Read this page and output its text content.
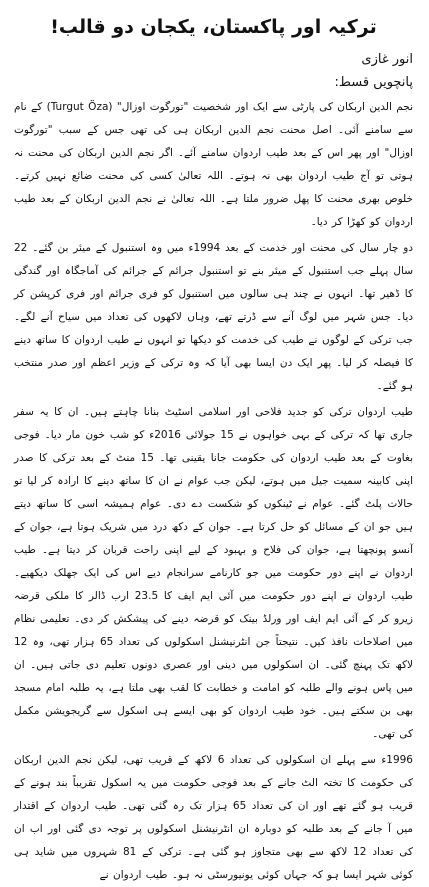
ترکیہ اور پاکستان، یکجان دو قالب!
انور غازی
پانچویں قسط:

نجم الدین اربکان کی پارٹی سے ایک اور شخصیت "تورگوت اوزال" (Turgut Öza) کے نام سے سامنے آئی۔ اصل محنت نجم الدین اربکان ہی کی تھی جس کے سبب "تورگوت اوزال" اور پھر اس کے بعد طیب اردوان سامنے آئے۔ اگر نجم الدین اربکان کی محنت نہ ہوتی تو آج طیب اردوان بھی نہ ہوتے۔ اللہ تعالیٰ کسی کی محنت ضائع نہیں کرتے۔ خلوص بھری محنت کا پھل ضرور ملتا ہے۔ اللہ تعالیٰ نے نجم الدین اربکان کے بعد طیب اردوان کو کھڑا کر دیا۔

دو چار سال کی محنت اور خدمت کے بعد 1994ء میں وہ استنبول کے میئر بن گئے۔ 22 سال پہلے جب استنبول کے میئر بنے تو استنبول جرائم کے جرائم کی آماجگاہ اور گندگی کا ڈھیر تھا۔ انہوں نے چند ہی سالوں میں استنبول کو فری جرائم اور فری کرپشن کر دیا۔ جس شہر میں لوگ آنے سے ڈرتے تھے، وہاں لاکھوں کی تعداد میں سیاح آنے لگے۔ جب ترکی کے لوگوں نے طیب کی خدمت کو دیکھا تو انہوں نے طیب اردوان کا ساتھ دینے کا فیصلہ کر لیا۔ پھر ایک دن ایسا بھی آیا کہ وہ ترکی کے وزیر اعظم اور صدر منتخب ہو گئے۔

طیب اردوان ترکی کو جدید فلاحی اور اسلامی اسٹیٹ بنانا چاہتے ہیں۔ ان کا یہ سفر جاری تھا کہ ترکی کے بہی خواہوں نے 15 جولائی 2016ء کو شب خون مار دیا۔ فوجی بغاوت کے بعد طیب اردوان کی حکومت جانا یقینی تھا۔ 15 منٹ کے بعد ترکی کا صدر اپنی کابینہ سمیت جیل میں ہوتے، لیکن جب عوام نے ان کا ساتھ دینے کا ارادہ کر لیا تو حالات پلٹ گئے۔ عوام نے ٹینکوں کو شکست دے دی۔ عوام ہمیشہ اسی کا ساتھ دیتے ہیں جو ان کے مسائل کو حل کرتا ہے۔ جوان کے دکھ درد میں شریک ہوتا ہے، جوان کے آنسو پونچھتا ہے، جوان کی فلاح و بہبود کے لیے اپنی راحت قربان کر دیتا ہے۔ طیب اردوان نے اپنے دور حکومت میں جو کارنامے سرانجام دیے اس کی ایک جھلک دیکھیے۔ طیب اردوان نے اپنے دور حکومت میں آئی ایم ایف کا 23.5 ارب ڈالر کا ملکی قرضہ زیرو کر کے آئی ایم ایف اور ورلڈ بینک کو قرضہ دینے کی پیشکش کر دی۔ تعلیمی نظام میں اصلاحات نافذ کیں۔ نتیجتاً جن انٹرنیشنل اسکولوں کی تعداد 65 ہزار تھی، وہ 12 لاکھ تک پہنچ گئی۔ ان اسکولوں میں دینی اور عصری دونوں تعلیم دی جاتی ہیں۔ ان میں پاس ہونے والے طلبہ کو امامت و خطابت کا لقب بھی ملتا ہے، یہ طلبہ امام مسجد بھی بن سکتے ہیں۔ خود طیب اردوان کو بھی ایسے ہی اسکول سے گریجویشن مکمل کی تھی۔

1996ء سے پہلے ان اسکولوں کی تعداد 6 لاکھ کے قریب تھی، لیکن نجم الدین اربکان کی حکومت کا تختہ الٹ جانے کے بعد فوجی حکومت میں یہ اسکول تقریباً بند ہونے کے قریب ہو گئے تھے اور ان کی تعداد 65 ہزار تک رہ گئی تھی۔ طیب اردوان کے اقتدار میں آ جانے کے بعد طلبہ کو دوبارہ ان انٹرنیشنل اسکولوں پر توجہ دی گئی اور اب ان کی تعداد 12 لاکھ سے بھی متجاوز ہو گئی ہے۔ ترکی کے 81 شہروں میں شاید ہی کوئی شہر ایسا ہو کہ جہاں کوئی یونیورسٹی نہ ہو۔ طیب اردوان نے
